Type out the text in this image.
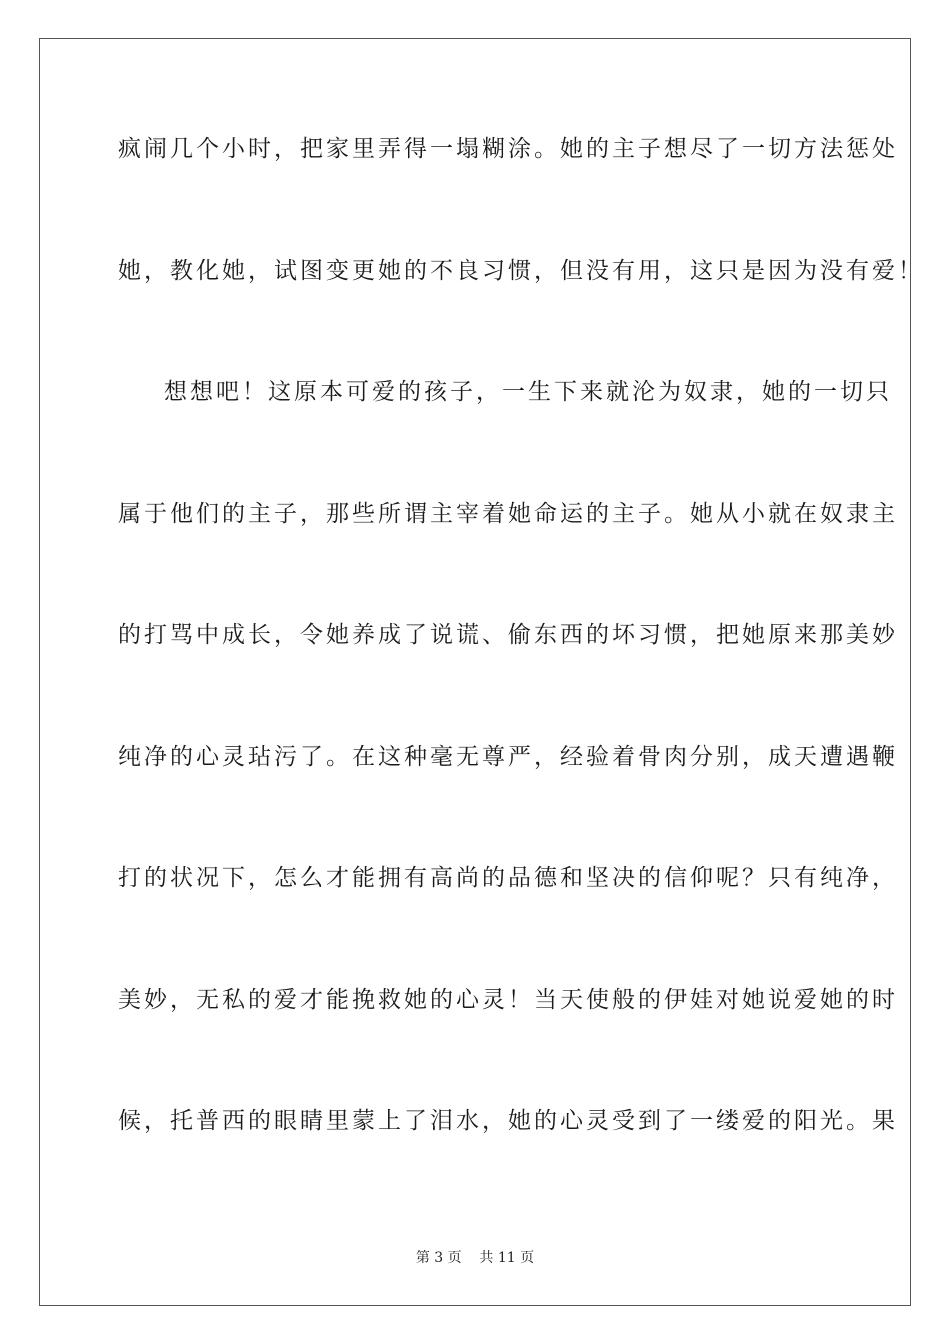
疯闹几个小时，把家里弄得一塌糊涂。她的主子想尽了一切方法惩处
她，教化她，试图变更她的不良习惯，但没有用，这只是因为没有爱！
想想吧！这原本可爱的孩子，一生下来就沦为奴隶，她的一切只
属于他们的主子，那些所谓主宰着她命运的主子。她从小就在奴隶主
的打骂中成长，令她养成了说谎、偷东西的坏习惯，把她原来那美妙
纯净的心灵玷污了。在这种毫无尊严，经验着骨肉分别，成天遭遇鞭
打的状况下，怎么才能拥有高尚的品德和坚决的信仰呢？只有纯净，
美妙，无私的爱才能挽救她的心灵！当天使般的伊娃对她说爱她的时
候，托普西的眼睛里蒙上了泪水，她的心灵受到了一缕爱的阳光。果
第 3 页    共 11 页
